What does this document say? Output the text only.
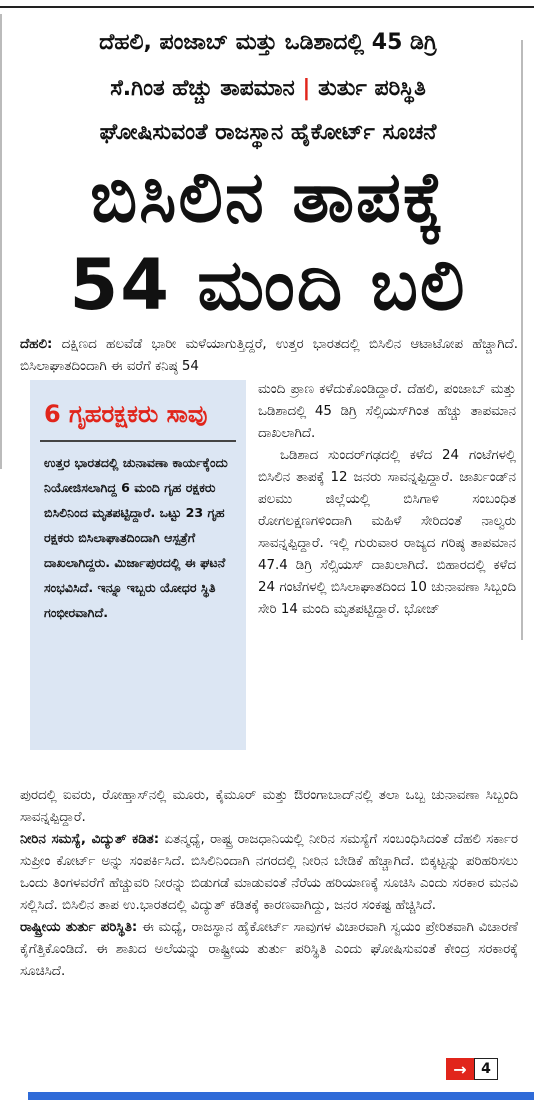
ದೆಹಲಿ, ಪಂಜಾಬ್ ಮತ್ತು ಒಡಿಶಾದಲ್ಲಿ 45 ಡಿಗ್ರಿ
ಸೆ.ಗಿಂತ ಹೆಚ್ಚು ತಾಪಮಾನ | ತುರ್ತು ಪರಿಸ್ಥಿತಿ
ಘೋಷಿಸುವಂತೆ ರಾಜಸ್ಥಾನ ಹೈಕೋರ್ಟ್ ಸೂಚನೆ
ಬಿಸಿಲಿನ ತಾಪಕ್ಕೆ
54 ಮಂದಿ ಬಲಿ

ದೆಹಲಿ: ದಕ್ಷಿಣದ ಹಲವೆಡೆ ಭಾರೀ ಮಳೆಯಾಗುತ್ತಿದ್ದರೆ, ಉತ್ತರ ಭಾರತದಲ್ಲಿ ಬಿಸಿಲಿನ ಆಟಾಟೋಪ ಹೆಚ್ಚಾಗಿದೆ. ಬಿಸಿಲಾಘಾತದಿಂದಾಗಿ ಈ ವರೆಗೆ ಕನಿಷ್ಠ 54

6 ಗೃಹರಕ್ಷಕರು ಸಾವು
ಉತ್ತರ ಭಾರತದಲ್ಲಿ ಚುನಾವಣಾ ಕಾರ್ಯಕ್ಕೆಂದು ನಿಯೋಜಿಸಲಾಗಿದ್ದ 6 ಮಂದಿ ಗೃಹ ರಕ್ಷಕರು ಬಿಸಿಲಿನಿಂದ ಮೃತಪಟ್ಟಿದ್ದಾರೆ. ಒಟ್ಟು 23 ಗೃಹ ರಕ್ಷಕರು ಬಿಸಿಲಾಘಾತದಿಂದಾಗಿ ಆಸ್ಪತ್ರೆಗೆ ದಾಖಲಾಗಿದ್ದರು. ಮಿರ್ಜಾಪುರದಲ್ಲಿ ಈ ಘಟನೆ ಸಂಭವಿಸಿದೆ. ಇನ್ನೂ ಇಬ್ಬರು ಯೋಧರ ಸ್ಥಿತಿ ಗಂಭೀರವಾಗಿದೆ.

ಮಂದಿ ಪ್ರಾಣ ಕಳೆದುಕೊಂಡಿದ್ದಾರೆ. ದೆಹಲಿ, ಪಂಜಾಬ್ ಮತ್ತು ಒಡಿಶಾದಲ್ಲಿ 45 ಡಿಗ್ರಿ ಸೆಲ್ಸಿಯಸ್‌ಗಿಂತ ಹೆಚ್ಚು ತಾಪಮಾನ ದಾಖಲಾಗಿದೆ.

ಒಡಿಶಾದ ಸುಂದರ್‌ಗಢದಲ್ಲಿ ಕಳೆದ 24 ಗಂಟೆಗಳಲ್ಲಿ ಬಿಸಿಲಿನ ತಾಪಕ್ಕೆ 12 ಜನರು ಸಾವನ್ನಪ್ಪಿದ್ದಾರೆ. ಜಾರ್ಖಂಡ್‌ನ ಪಲಮು ಜಿಲ್ಲೆಯಲ್ಲಿ ಬಿಸಿಗಾಳಿ ಸಂಬಂಧಿತ ರೋಗಲಕ್ಷಣಗಳಿಂದಾಗಿ ಮಹಿಳೆ ಸೇರಿದಂತೆ ನಾಲ್ವರು ಸಾವನ್ನಪ್ಪಿದ್ದಾರೆ. ಇಲ್ಲಿ ಗುರುವಾರ ರಾಜ್ಯದ ಗರಿಷ್ಠ ತಾಪಮಾನ 47.4 ಡಿಗ್ರಿ ಸೆಲ್ಸಿಯಸ್ ದಾಖಲಾಗಿದೆ. ಬಿಹಾರದಲ್ಲಿ ಕಳೆದ 24 ಗಂಟೆಗಳಲ್ಲಿ ಬಿಸಿಲಾಘಾತದಿಂದ 10 ಚುನಾವಣಾ ಸಿಬ್ಬಂದಿ ಸೇರಿ 14 ಮಂದಿ ಮೃತಪಟ್ಟಿದ್ದಾರೆ. ಭೋಜ್

ಪುರದಲ್ಲಿ ಐವರು, ರೋಹ್ತಾಸ್‌ನಲ್ಲಿ ಮೂರು, ಕೈಮೂರ್ ಮತ್ತು ಔರಂಗಾಬಾದ್‌ನಲ್ಲಿ ತಲಾ ಒಬ್ಬ ಚುನಾವಣಾ ಸಿಬ್ಬಂದಿ ಸಾವನ್ನಪ್ಪಿದ್ದಾರೆ.

ನೀರಿನ ಸಮಸ್ಯೆ, ವಿದ್ಯುತ್ ಕಡಿತ: ಏತನ್ಮಧ್ಯೆ, ರಾಷ್ಟ್ರ ರಾಜಧಾನಿಯಲ್ಲಿ ನೀರಿನ ಸಮಸ್ಯೆಗೆ ಸಂಬಂಧಿಸಿದಂತೆ ದೆಹಲಿ ಸರ್ಕಾರ ಸುಪ್ರೀಂ ಕೋರ್ಟ್ ಅನ್ನು ಸಂಪರ್ಕಿಸಿದೆ. ಬಿಸಿಲಿನಿಂದಾಗಿ ನಗರದಲ್ಲಿ ನೀರಿನ ಬೇಡಿಕೆ ಹೆಚ್ಚಾಗಿದೆ. ಬಿಕ್ಕಟ್ಟನ್ನು ಪರಿಹರಿಸಲು ಒಂದು ತಿಂಗಳವರೆಗೆ ಹೆಚ್ಚುವರಿ ನೀರನ್ನು ಬಿಡುಗಡೆ ಮಾಡುವಂತೆ ನೆರೆಯ ಹರಿಯಾಣಕ್ಕೆ ಸೂಚಿಸಿ ಎಂದು ಸರಕಾರ ಮನವಿ ಸಲ್ಲಿಸಿದೆ. ಬಿಸಿಲಿನ ತಾಪ ಉ.ಭಾರತದಲ್ಲಿ ವಿದ್ಯುತ್ ಕಡಿತಕ್ಕೆ ಕಾರಣವಾಗಿದ್ದು, ಜನರ ಸಂಕಷ್ಟ ಹೆಚ್ಚಿಸಿದೆ.

ರಾಷ್ಟ್ರೀಯ ತುರ್ತು ಪರಿಸ್ಥಿತಿ: ಈ ಮಧ್ಯೆ, ರಾಜಸ್ಥಾನ ಹೈಕೋರ್ಟ್ ಸಾವುಗಳ ವಿಚಾರವಾಗಿ ಸ್ವಯಂ ಪ್ರೇರಿತವಾಗಿ ವಿಚಾರಣೆ ಕೈಗೆತ್ತಿಕೊಂಡಿದೆ. ಈ ಶಾಖದ ಅಲೆಯನ್ನು ರಾಷ್ಟ್ರೀಯ ತುರ್ತು ಪರಿಸ್ಥಿತಿ ಎಂದು ಘೋಷಿಸುವಂತೆ ಕೇಂದ್ರ ಸರಕಾರಕ್ಕೆ ಸೂಚಿಸಿದೆ.

→	4
